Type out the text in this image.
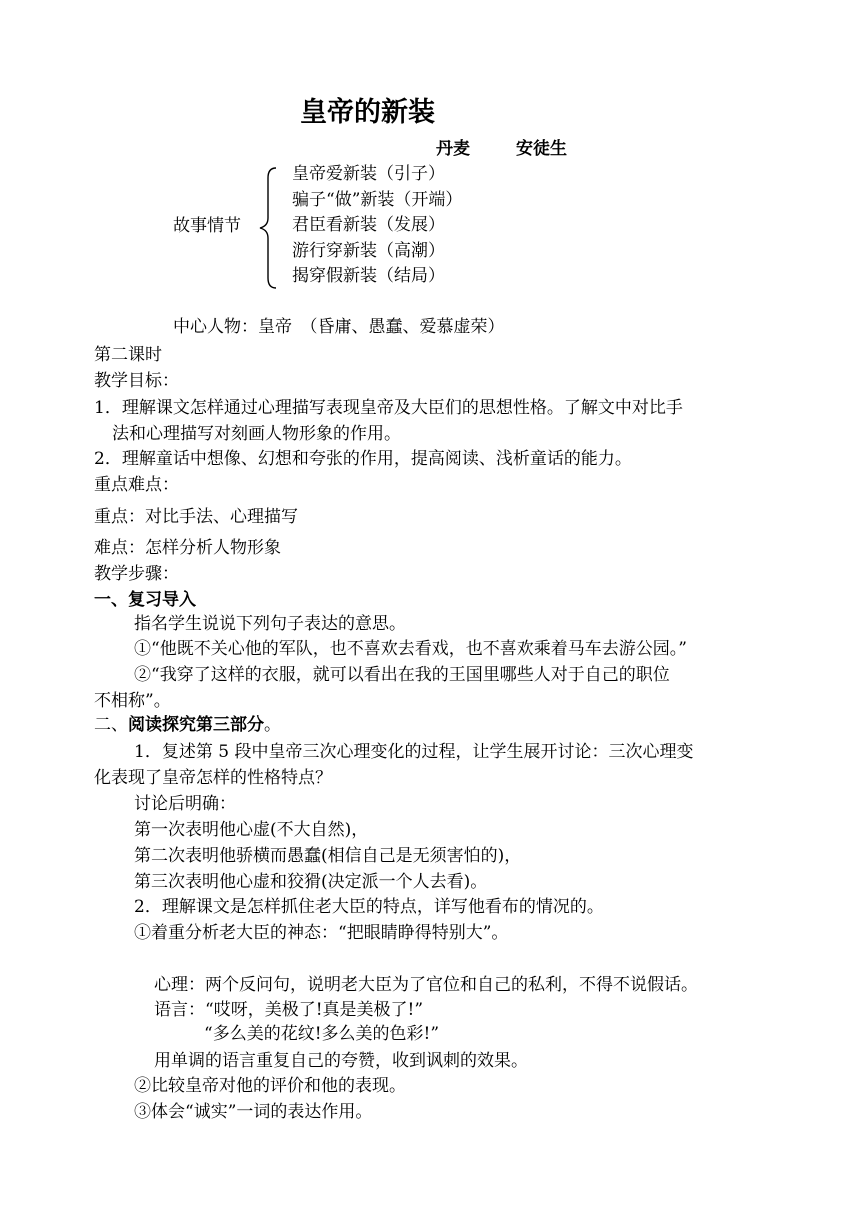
皇帝的新装
丹麦	安徒生
故事情节
皇帝爱新装（引子）
骗子“做”新装（开端）
君臣看新装（发展）
游行穿新装（高潮）
揭穿假新装（结局）
中心人物：皇帝　（昏庸、愚蠢、爱慕虚荣）
第二课时
教学目标：
1．理解课文怎样通过心理描写表现皇帝及大臣们的思想性格。了解文中对比手
法和心理描写对刻画人物形象的作用。
2．理解童话中想像、幻想和夸张的作用，提高阅读、浅析童话的能力。
重点难点：
重点：对比手法、心理描写
难点：怎样分析人物形象
教学步骤：
一、复习导入
指名学生说说下列句子表达的意思。
①“他既不关心他的军队，也不喜欢去看戏，也不喜欢乘着马车去游公园。”
②“我穿了这样的衣服，就可以看出在我的王国里哪些人对于自己的职位
不相称”。
二、阅读探究第三部分。
1．复述第 5 段中皇帝三次心理变化的过程，让学生展开讨论：三次心理变
化表现了皇帝怎样的性格特点？
讨论后明确：
第一次表明他心虚(不大自然)，
第二次表明他骄横而愚蠢(相信自己是无须害怕的)，
第三次表明他心虚和狡猾(决定派一个人去看)。
2．理解课文是怎样抓住老大臣的特点，详写他看布的情况的。
①着重分析老大臣的神态：“把眼睛睁得特别大”。
心理：两个反问句，说明老大臣为了官位和自己的私利，不得不说假话。
语言：“哎呀，美极了!真是美极了!”
“多么美的花纹!多么美的色彩!”
用单调的语言重复自己的夸赞，收到讽刺的效果。
②比较皇帝对他的评价和他的表现。
③体会“诚实”一词的表达作用。
